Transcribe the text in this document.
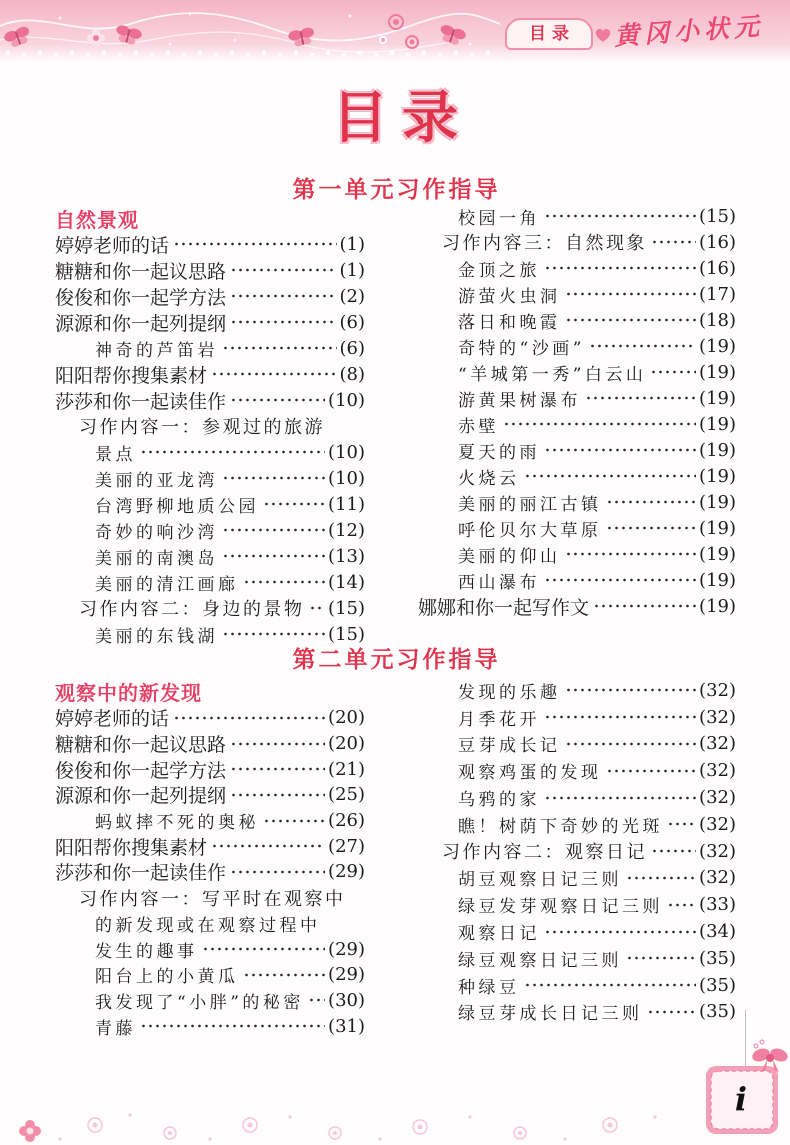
目录	黄冈小状元
目录
第一单元习作指导
自然景观
婷婷老师的话	(1)
糖糖和你一起议思路	(1)
俊俊和你一起学方法	(2)
源源和你一起列提纲	(6)
神奇的芦笛岩	(6)
阳阳帮你搜集素材	(8)
莎莎和你一起读佳作	(10)
习作内容一：参观过的旅游
景点	(10)
美丽的亚龙湾	(10)
台湾野柳地质公园	(11)
奇妙的响沙湾	(12)
美丽的南澳岛	(13)
美丽的清江画廊	(14)
习作内容二：身边的景物 (15)
美丽的东钱湖	(15)
校园一角	(15)
习作内容三：自然现象	(16)
金顶之旅	(16)
游萤火虫洞	(17)
落日和晚霞	(18)
奇特的“沙画”	(19)
“羊城第一秀”白云山	(19)
游黄果树瀑布	(19)
赤壁	(19)
夏天的雨	(19)
火烧云	(19)
美丽的丽江古镇	(19)
呼伦贝尔大草原	(19)
美丽的仰山	(19)
西山瀑布	(19)
娜娜和你一起写作文	(19)
第二单元习作指导
观察中的新发现
婷婷老师的话	(20)
糖糖和你一起议思路	(20)
俊俊和你一起学方法	(21)
源源和你一起列提纲	(25)
蚂蚁摔不死的奥秘	(26)
阳阳帮你搜集素材	(27)
莎莎和你一起读佳作	(29)
习作内容一：写平时在观察中
的新发现或在观察过程中
发生的趣事	(29)
阳台上的小黄瓜	(29)
我发现了“小胖”的秘密 (30)
青藤	(31)
发现的乐趣	(32)
月季花开	(32)
豆芽成长记	(32)
观察鸡蛋的发现	(32)
乌鸦的家	(32)
瞧！树荫下奇妙的光斑 (32)
习作内容二：观察日记	(32)
胡豆观察日记三则	(32)
绿豆发芽观察日记三则 (33)
观察日记	(34)
绿豆观察日记三则	(35)
种绿豆	(35)
绿豆芽成长日记三则	(35)
i
